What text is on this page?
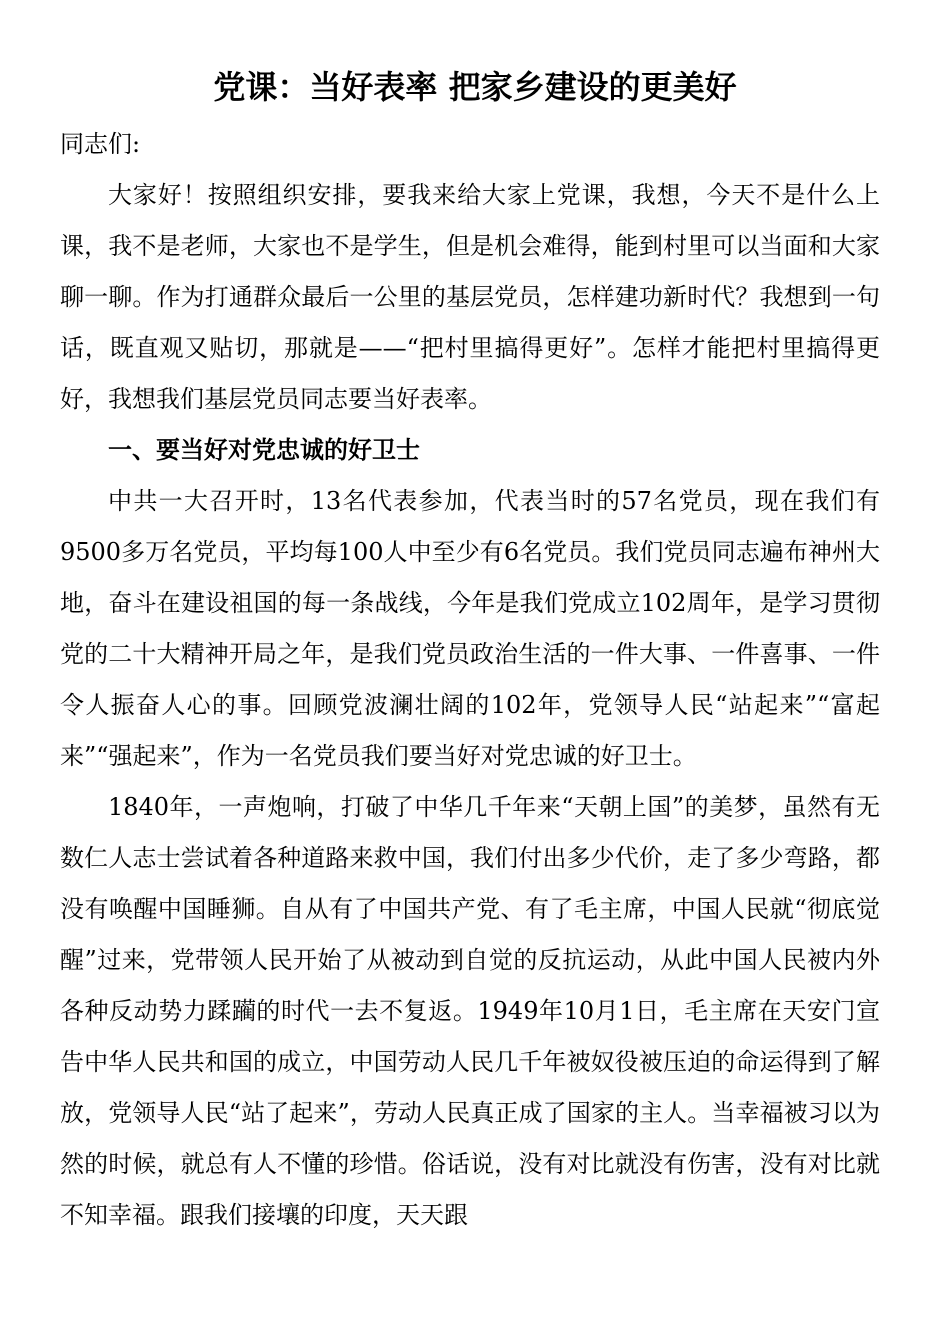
党课：当好表率 把家乡建设的更美好

同志们:

大家好！按照组织安排，要我来给大家上党课，我想，今天不是什么上课，我不是老师，大家也不是学生，但是机会难得，能到村里可以当面和大家聊一聊。作为打通群众最后一公里的基层党员，怎样建功新时代？我想到一句话，既直观又贴切，那就是——“把村里搞得更好”。怎样才能把村里搞得更好，我想我们基层党员同志要当好表率。

一、要当好对党忠诚的好卫士

中共一大召开时，13名代表参加，代表当时的57名党员，现在我们有9500多万名党员，平均每100人中至少有6名党员。我们党员同志遍布神州大地，奋斗在建设祖国的每一条战线，今年是我们党成立102周年，是学习贯彻党的二十大精神开局之年，是我们党员政治生活的一件大事、一件喜事、一件令人振奋人心的事。回顾党波澜壮阔的102年，党领导人民“站起来”“富起来”“强起来”，作为一名党员我们要当好对党忠诚的好卫士。

1840年，一声炮响，打破了中华几千年来“天朝上国”的美梦，虽然有无数仁人志士尝试着各种道路来救中国，我们付出多少代价，走了多少弯路，都没有唤醒中国睡狮。自从有了中国共产党、有了毛主席，中国人民就“彻底觉醒”过来，党带领人民开始了从被动到自觉的反抗运动，从此中国人民被内外各种反动势力蹂躏的时代一去不复返。1949年10月1日，毛主席在天安门宣告中华人民共和国的成立，中国劳动人民几千年被奴役被压迫的命运得到了解放，党领导人民“站了起来”，劳动人民真正成了国家的主人。当幸福被习以为然的时候，就总有人不懂的珍惜。俗话说，没有对比就没有伤害，没有对比就不知幸福。跟我们接壤的印度，天天跟
